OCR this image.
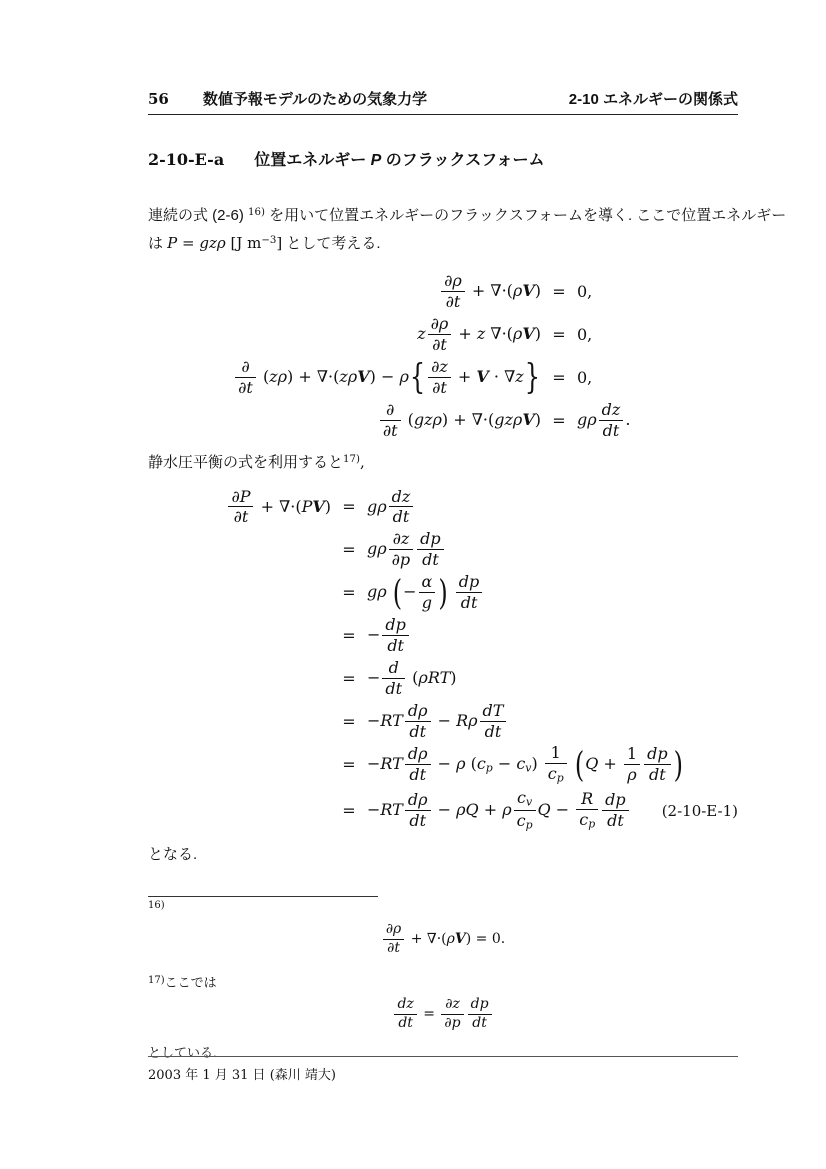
56 数値予報モデルのための気象力学	2-10 エネルギーの関係式
2-10-E-a 位置エネルギー P のフラックスフォーム

連続の式 (2-6) $^{16)}$ を用いて位置エネルギーのフラックスフォームを導く. ここで位置エネルギー

は P = gzρ [J $m^{-3}$] として考える.

$\frac{\partial\rho}{\partial t} + \nabla\cdot(\rho V) = 0$,
z $\frac{\partial\rho}{\partial t} + z$ ∇·(ρV) = 0,
$\frac{\partial}{\partial t} (z\rho) + \nabla\cdot(z\rho V) - \rho\{ \frac{\partial z}{\partial t} + V \cdot \nabla z\} = 0$,
$\frac{\partial}{\partial t} (gz\rho) + \nabla\cdot(gz\rho V) = g\rho \frac{dz}{dt}$ .

静水圧平衡の式を利用すると$^{17)}$,

$\frac{\partial P}{\partial t} + \nabla\cdot(PV) = g\rho \frac{dz}{dt}$
= gρ $\frac{\partial z}{\partial p} \frac{dp}{dt}$
= gρ (− $\frac{\alpha}{g}$ ) $\frac{dp}{dt}$
= − $\frac{dp}{dt}$
= − $\frac{d}{dt} (\rho RT)$
= $-RT \frac{d\rho}{dt} - R\rho \frac{dT}{dt}$
= $-RT \frac{d\rho}{dt} - \rho$ $(c_p - c_v) \frac{1}{c_p} (Q + \frac{1}{\rho} \frac{dp}{dt}$ )
= $-RT \frac{d\rho}{dt} - \rho Q + \rho \frac{c_v}{c_p}$ $Q - \frac{R}{c_p} \frac{dp}{dt} (2-10-E-1)$

となる.

$^{16)}$
$\frac{\partial\rho}{\partial t} + \nabla\cdot(\rho V) = 0$.
$^{17)}$ここでは
$\frac{dz}{dt} = \frac{\partial z}{\partial p} \frac{dp}{dt}$
としている.
2003 年 1 月 31 日 (森川 靖大)
